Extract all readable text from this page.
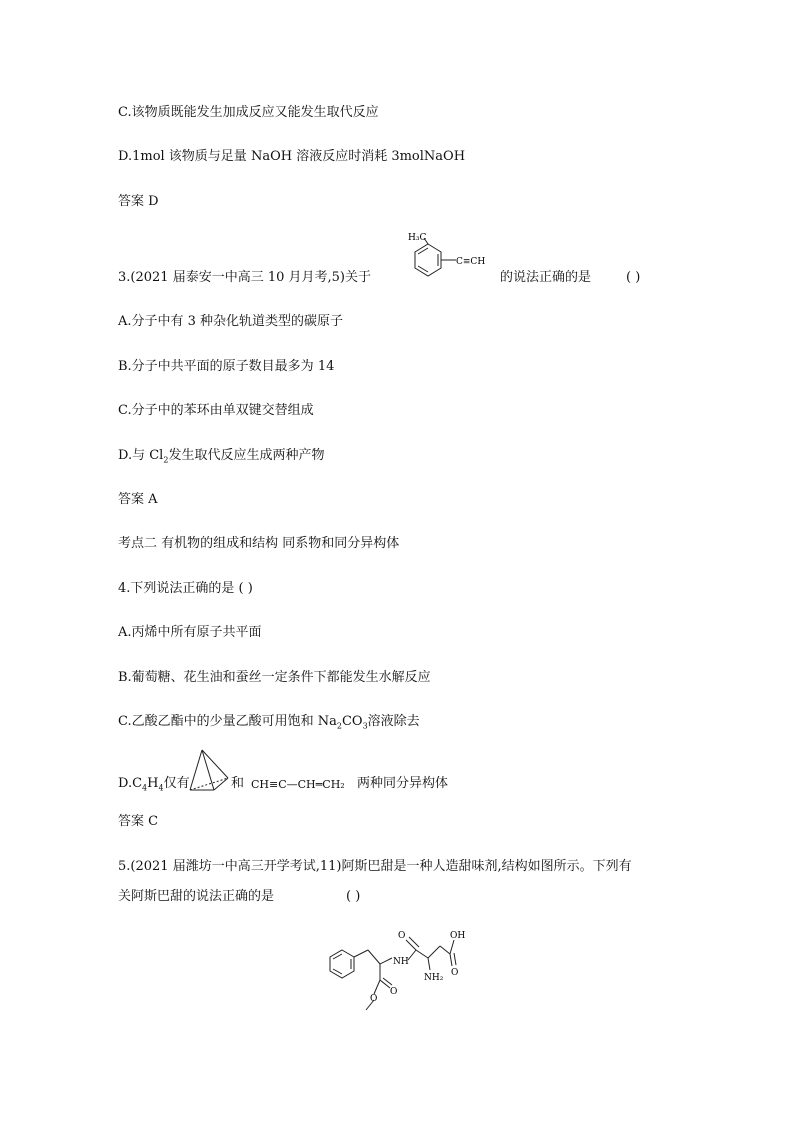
C.该物质既能发生加成反应又能发生取代反应
D.1mol 该物质与足量 NaOH 溶液反应时消耗 3molNaOH
答案 D
3.(2021 届泰安一中高三 10 月月考,5)关于
H₃C
C≡CH
的说法正确的是	( )
A.分子中有 3 种杂化轨道类型的碳原子
B.分子中共平面的原子数目最多为 14
C.分子中的苯环由单双键交替组成
D.与 $Cl_2$发生取代反应生成两种产物
答案 A
考点二 有机物的组成和结构 同系物和同分异构体
4.下列说法正确的是 ( )
A.丙烯中所有原子共平面
B.葡萄糖、花生油和蚕丝一定条件下都能发生水解反应
C.乙酸乙酯中的少量乙酸可用饱和 $Na_2CO_3$溶液除去
$D.C_4H_4$仅有	和 CH≡C—CH═CH₂ 两种同分异构体
答案 C
5.(2021 届潍坊一中高三开学考试,11)阿斯巴甜是一种人造甜味剂,结构如图所示。下列有
关阿斯巴甜的说法正确的是	( )
OH
O
O
NH
NH₂
O
O
